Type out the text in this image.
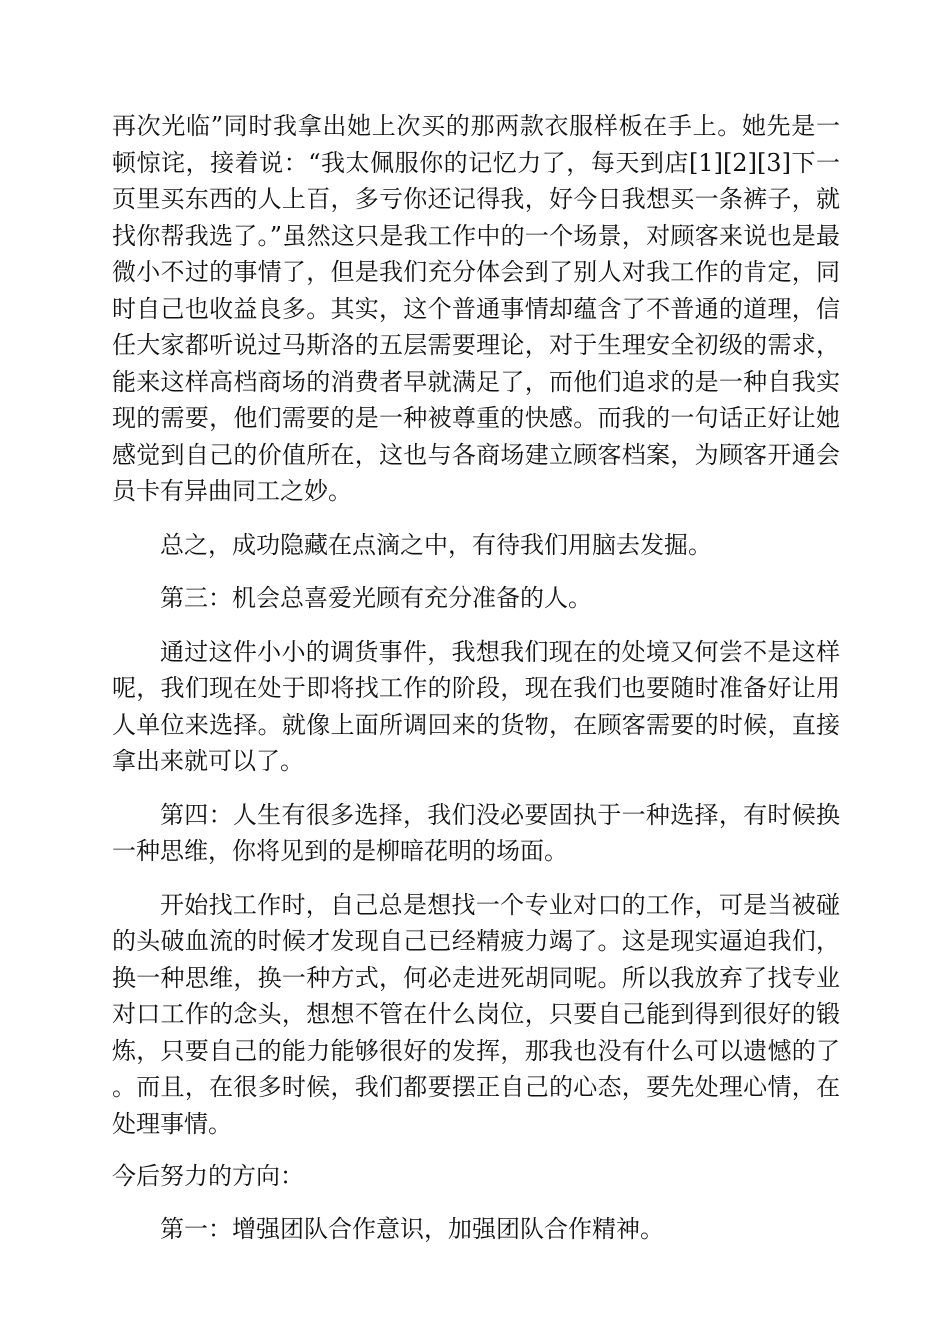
再次光临”同时我拿出她上次买的那两款衣服样板在手上。她先是一顿惊诧，接着说：“我太佩服你的记忆力了，每天到店[1][2][3]下一页里买东西的人上百，多亏你还记得我，好今日我想买一条裤子，就找你帮我选了。”虽然这只是我工作中的一个场景，对顾客来说也是最微小不过的事情了，但是我们充分体会到了别人对我工作的肯定，同时自己也收益良多。其实，这个普通事情却蕴含了不普通的道理，信任大家都听说过马斯洛的五层需要理论，对于生理安全初级的需求，能来这样高档商场的消费者早就满足了，而他们追求的是一种自我实现的需要，他们需要的是一种被尊重的快感。而我的一句话正好让她感觉到自己的价值所在，这也与各商场建立顾客档案，为顾客开通会员卡有异曲同工之妙。

总之，成功隐藏在点滴之中，有待我们用脑去发掘。

第三：机会总喜爱光顾有充分准备的人。

通过这件小小的调货事件，我想我们现在的处境又何尝不是这样呢，我们现在处于即将找工作的阶段，现在我们也要随时准备好让用人单位来选择。就像上面所调回来的货物，在顾客需要的时候，直接拿出来就可以了。

第四：人生有很多选择，我们没必要固执于一种选择，有时候换一种思维，你将见到的是柳暗花明的场面。

开始找工作时，自己总是想找一个专业对口的工作，可是当被碰的头破血流的时候才发现自己已经精疲力竭了。这是现实逼迫我们，换一种思维，换一种方式，何必走进死胡同呢。所以我放弃了找专业对口工作的念头，想想不管在什么岗位，只要自己能到得到很好的锻炼，只要自己的能力能够很好的发挥，那我也没有什么可以遗憾的了。而且，在很多时候，我们都要摆正自己的心态，要先处理心情，在处理事情。

今后努力的方向：

第一：增强团队合作意识，加强团队合作精神。
